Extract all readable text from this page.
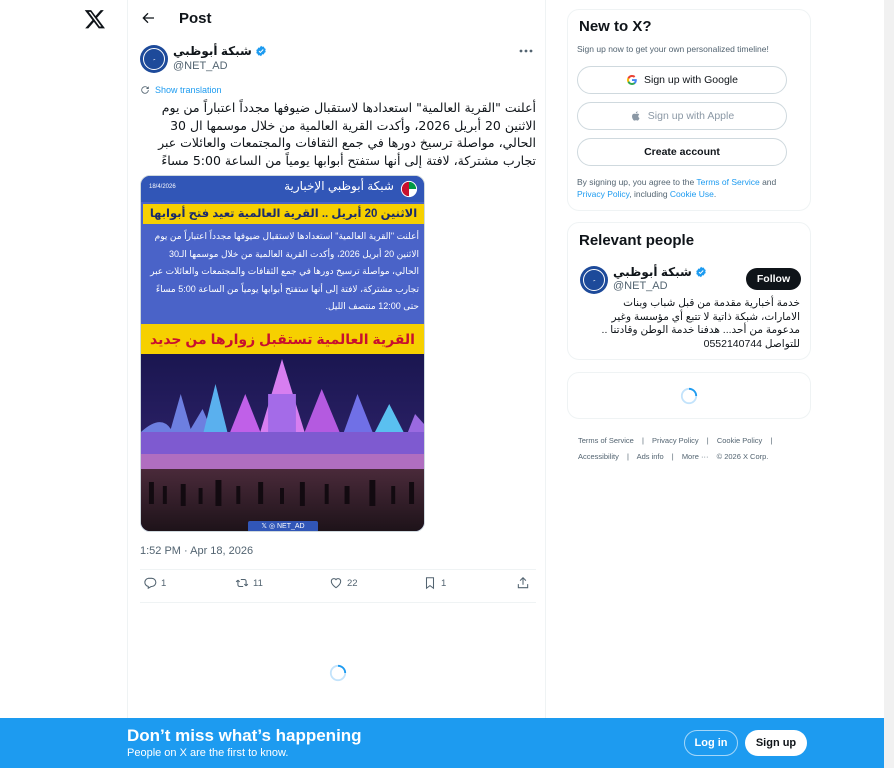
Post
ﮧ
شبكة أبوظبي
@NET_AD
Show translation
أعلنت "القرية العالمية" استعدادها لاستقبال ضيوفها مجدداً اعتباراً من يوم الاثنين 20 أبريل 2026، وأكدت القرية العالمية من خلال موسمها ال 30 الحالي، مواصلة ترسيخ دورها في جمع الثقافات والمجتمعات والعائلات عبر تجارب مشتركة، لافتة إلى أنها ستفتح أبوابها يومياً من الساعة 5:00 مساءً
18/4/2026	شبكة أبوظبي الإخبارية
الاثنين 20 أبريل .. القرية العالمية تعيد فتح أبوابها
أعلنت "القرية العالمية" استعدادها لاستقبال ضيوفها مجدداً اعتباراً من يوم الاثنين 20 أبريل 2026، وأكدت القرية العالمية من خلال موسمها الـ30 الحالي، مواصلة ترسيخ دورها في جمع الثقافات والمجتمعات والعائلات عبر تجارب مشتركة، لافتة إلى أنها ستفتح أبوابها يومياً من الساعة 5:00 مساءً حتى 12:00 منتصف الليل.
القرية العالمية تستقبل زوارها من جديد
𝕏 ◎ NET_AD
1:52 PM · Apr 18, 2026
1	11	22	1
New to X?
Sign up now to get your own personalized timeline!
Sign up with Google
Sign up with Apple
Create account
By signing up, you agree to the Terms of Service and Privacy Policy, including Cookie Use.
Relevant people
ﮧ
شبكة أبوظبي
@NET_AD
Follow
خدمة أخبارية مقدمة من قبل شباب وبنات الامارات، شبكة ذاتية لا تتبع أي مؤسسة وغير مدعومة من أحد... هدفنا خدمة الوطن وقادتنا .. للتواصل 0552140744
Terms of Service | Privacy Policy | Cookie Policy |
Accessibility | Ads info | More ··· © 2026 X Corp.
Don’t miss what’s happening
People on X are the first to know.
Log in	Sign up
